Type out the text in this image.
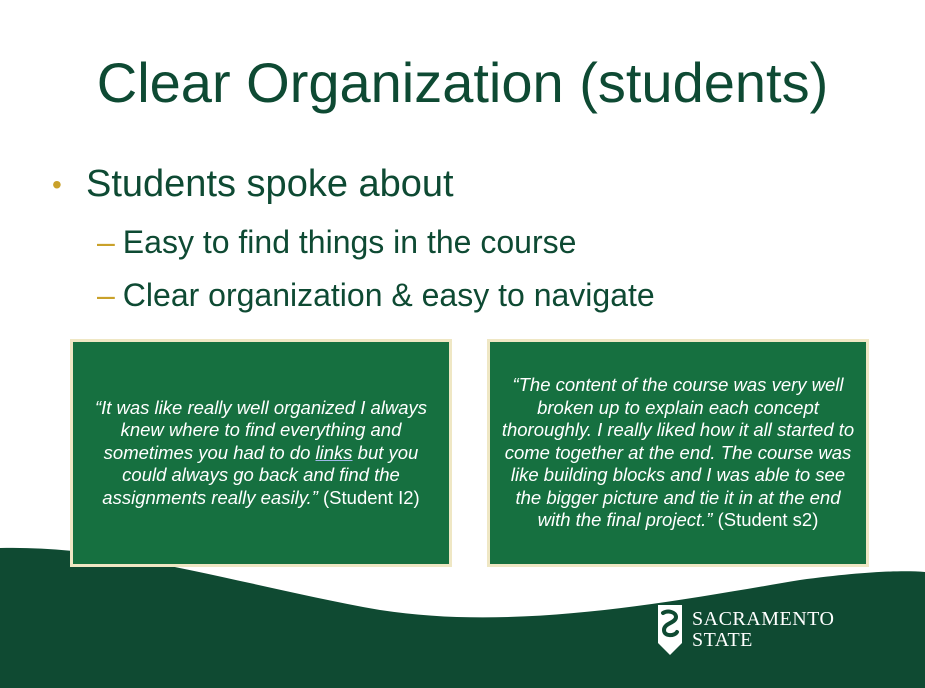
Clear Organization (students)
• Students spoke about
– Easy to find things in the course
– Clear organization & easy to navigate
“It was like really well organized I always knew where to find everything and sometimes you had to do links but you could always go back and find the assignments really easily.” (Student I2)
“The content of the course was very well broken up to explain each concept thoroughly. I really liked how it all started to come together at the end. The course was like building blocks and I was able to see the bigger picture and tie it in at the end with the final project.” (Student s2)
SACRAMENTO
STATE
